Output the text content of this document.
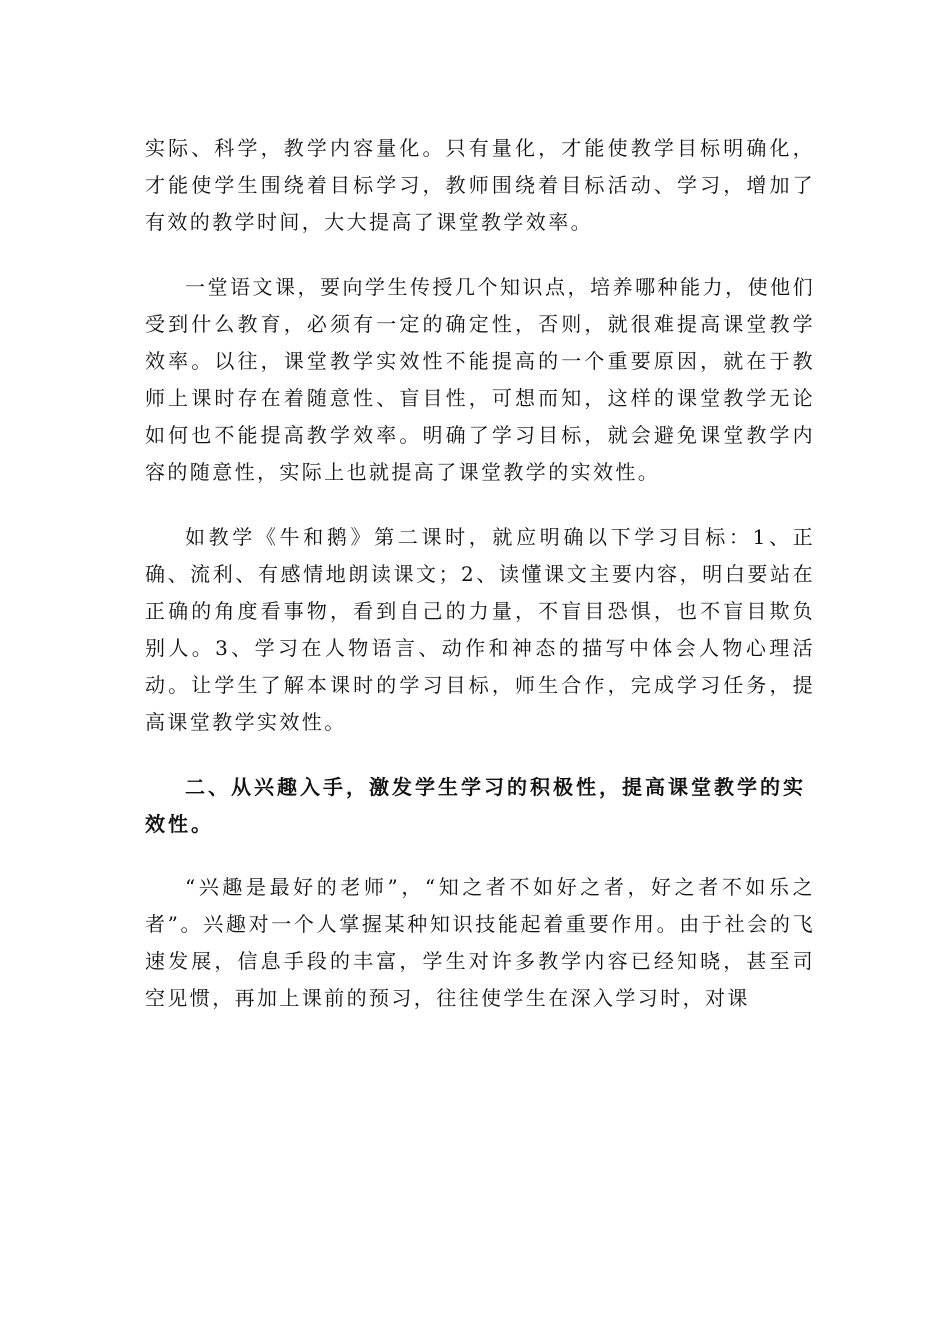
实际、科学，教学内容量化。只有量化，才能使教学目标明确化，才能使学生围绕着目标学习，教师围绕着目标活动、学习，增加了有效的教学时间，大大提高了课堂教学效率。

一堂语文课，要向学生传授几个知识点，培养哪种能力，使他们受到什么教育，必须有一定的确定性，否则，就很难提高课堂教学效率。以往，课堂教学实效性不能提高的一个重要原因，就在于教师上课时存在着随意性、盲目性，可想而知，这样的课堂教学无论如何也不能提高教学效率。明确了学习目标，就会避免课堂教学内容的随意性，实际上也就提高了课堂教学的实效性。

如教学《牛和鹅》第二课时，就应明确以下学习目标：1、正确、流利、有感情地朗读课文；2、读懂课文主要内容，明白要站在正确的角度看事物，看到自己的力量，不盲目恐惧，也不盲目欺负别人。3、学习在人物语言、动作和神态的描写中体会人物心理活动。让学生了解本课时的学习目标，师生合作，完成学习任务，提高课堂教学实效性。

二、从兴趣入手，激发学生学习的积极性，提高课堂教学的实效性。

“兴趣是最好的老师”，“知之者不如好之者，好之者不如乐之者”。兴趣对一个人掌握某种知识技能起着重要作用。由于社会的飞速发展，信息手段的丰富，学生对许多教学内容已经知晓，甚至司空见惯，再加上课前的预习，往往使学生在深入学习时，对课
